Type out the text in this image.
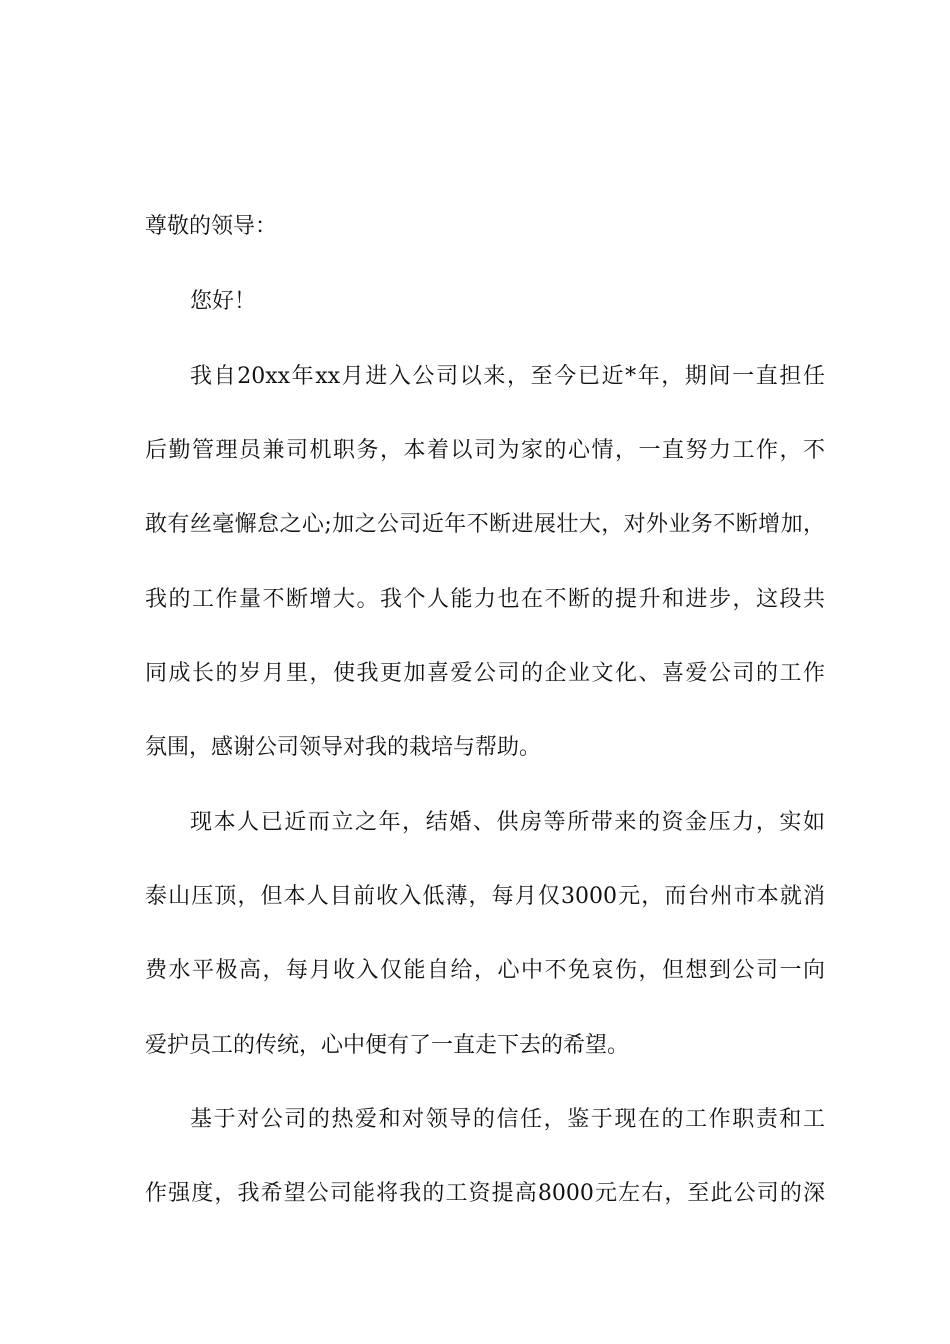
尊敬的领导：
您好！
我自20xx年xx月进入公司以来，至今已近*年，期间一直担任
后勤管理员兼司机职务，本着以司为家的心情，一直努力工作，不
敢有丝毫懈怠之心;加之公司近年不断进展壮大，对外业务不断增加，
我的工作量不断增大。我个人能力也在不断的提升和进步，这段共
同成长的岁月里，使我更加喜爱公司的企业文化、喜爱公司的工作
氛围，感谢公司领导对我的栽培与帮助。
现本人已近而立之年，结婚、供房等所带来的资金压力，实如
泰山压顶，但本人目前收入低薄，每月仅3000元，而台州市本就消
费水平极高，每月收入仅能自给，心中不免哀伤，但想到公司一向
爱护员工的传统，心中便有了一直走下去的希望。
基于对公司的热爱和对领导的信任，鉴于现在的工作职责和工
作强度，我希望公司能将我的工资提高8000元左右，至此公司的深
